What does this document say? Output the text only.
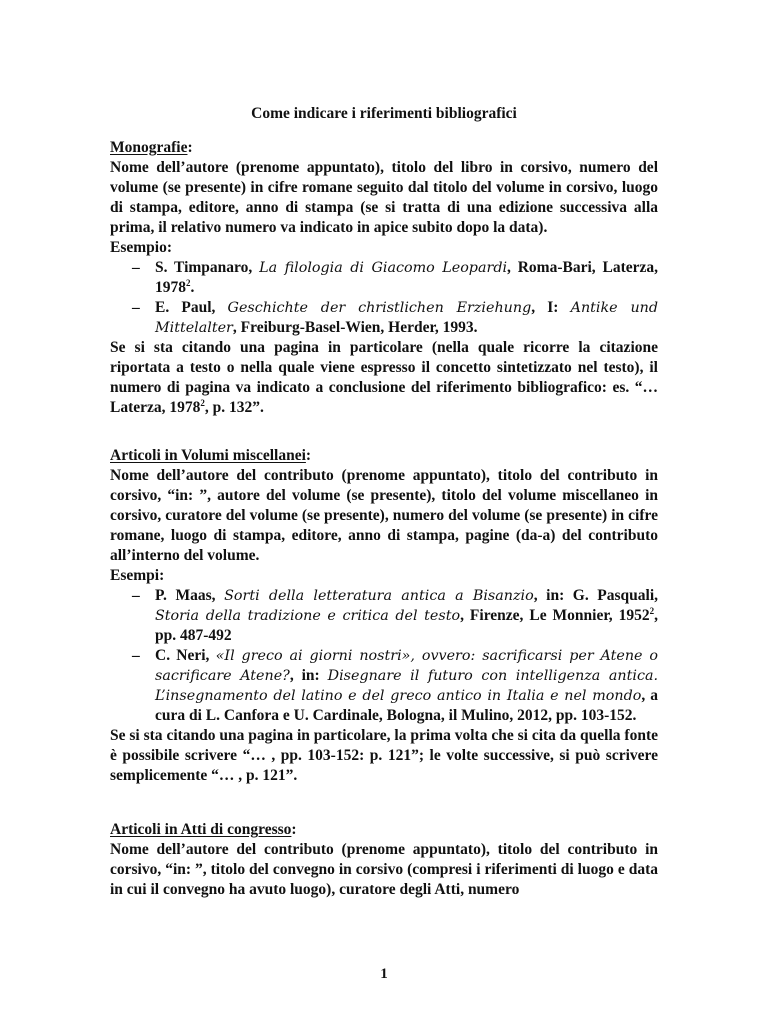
Come indicare i riferimenti bibliografici
Monografie:

Nome dell’autore (prenome appuntato), titolo del libro in corsivo, numero del volume (se presente) in cifre romane seguito dal titolo del volume in corsivo, luogo di stampa, editore, anno di stampa (se si tratta di una edizione successiva alla prima, il relativo numero va indicato in apice subito dopo la data).

Esempio:
– S. Timpanaro, La filologia di Giacomo Leopardi, Roma-Bari, Laterza, 1978$^2$.
– E. Paul, Geschichte der christlichen Erziehung, I: Antike und Mittelalter, Freiburg-Basel-Wien, Herder, 1993.

Se si sta citando una pagina in particolare (nella quale ricorre la citazione riportata a testo o nella quale viene espresso il concetto sintetizzato nel testo), il numero di pagina va indicato a conclusione del riferimento bibliografico: es. “… Laterza, 1978$^2$, p. 132”.

Articoli in Volumi miscellanei:

Nome dell’autore del contributo (prenome appuntato), titolo del contributo in corsivo, “in: ”, autore del volume (se presente), titolo del volume miscellaneo in corsivo, curatore del volume (se presente), numero del volume (se presente) in cifre romane, luogo di stampa, editore, anno di stampa, pagine (da-a) del contributo all’interno del volume.

Esempi:
– P. Maas, Sorti della letteratura antica a Bisanzio, in: G. Pasquali, Storia della tradizione e critica del testo, Firenze, Le Monnier, 1952$^2$, pp. 487-492
– C. Neri, «Il greco ai giorni nostri», ovvero: sacrificarsi per Atene o sacrificare Atene?, in: Disegnare il futuro con intelligenza antica. L’insegnamento del latino e del greco antico in Italia e nel mondo, a cura di L. Canfora e U. Cardinale, Bologna, il Mulino, 2012, pp. 103-152.

Se si sta citando una pagina in particolare, la prima volta che si cita da quella fonte è possibile scrivere “… , pp. 103-152: p. 121”; le volte successive, si può scrivere semplicemente “… , p. 121”.

Articoli in Atti di congresso:

Nome dell’autore del contributo (prenome appuntato), titolo del contributo in corsivo, “in: ”, titolo del convegno in corsivo (compresi i riferimenti di luogo e data in cui il convegno ha avuto luogo), curatore degli Atti, numero

1
